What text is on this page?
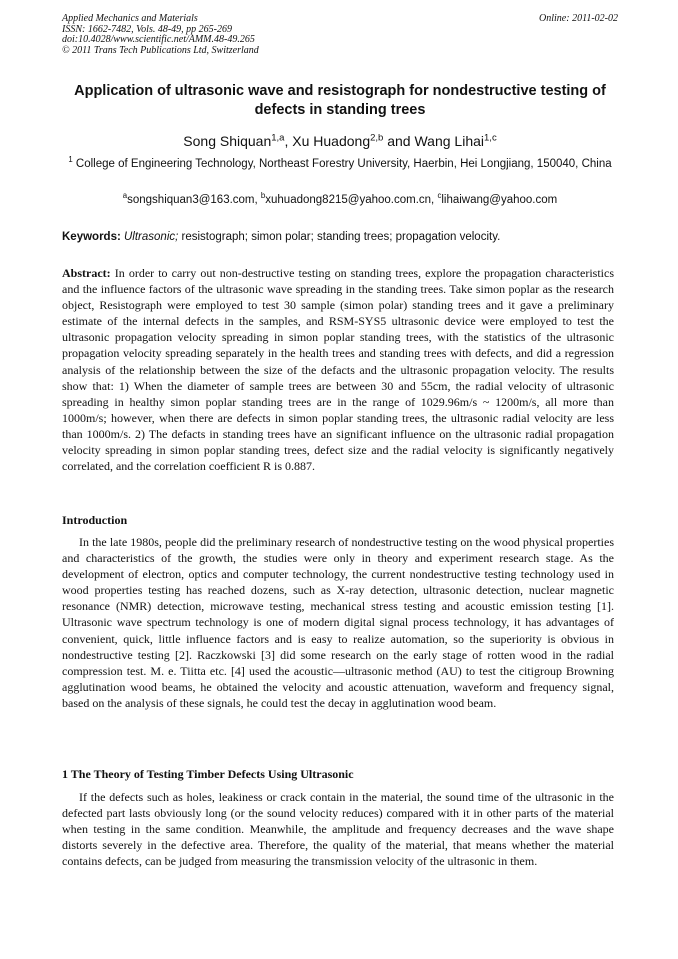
Applied Mechanics and Materials
ISSN: 1662-7482, Vols. 48-49, pp 265-269
doi:10.4028/www.scientific.net/AMM.48-49.265
© 2011 Trans Tech Publications Ltd, Switzerland
Online: 2011-02-02
Application of ultrasonic wave and resistograph for nondestructive testing of defects in standing trees
Song Shiquan$^{1,a}$, Xu Huadong$^{2,b}$ and Wang Lihai$^{1,c}$
$^1$ College of Engineering Technology, Northeast Forestry University, Haerbin, Hei Longjiang, 150040, China
$^a$songshiquan3@163.com, $^b$xuhuadong8215@yahoo.com.cn, $^c$lihaiwang@yahoo.com
Keywords: Ultrasonic; resistograph; simon polar; standing trees; propagation velocity.
Abstract: In order to carry out non-destructive testing on standing trees, explore the propagation characteristics and the influence factors of the ultrasonic wave spreading in the standing trees. Take simon poplar as the research object, Resistograph were employed to test 30 sample (simon polar) standing trees and it gave a preliminary estimate of the internal defects in the samples, and RSM-SYS5 ultrasonic device were employed to test the ultrasonic propagation velocity spreading in simon poplar standing trees, with the statistics of the ultrasonic propagation velocity spreading separately in the health trees and standing trees with defects, and did a regression analysis of the relationship between the size of the defacts and the ultrasonic propagation velocity. The results show that: 1) When the diameter of sample trees are between 30 and 55cm, the radial velocity of ultrasonic spreading in healthy simon poplar standing trees are in the range of 1029.96m/s ~ 1200m/s, all more than 1000m/s; however, when there are defects in simon poplar standing trees, the ultrasonic radial velocity are less than 1000m/s. 2) The defacts in standing trees have an significant influence on the ultrasonic radial propagation velocity spreading in simon poplar standing trees, defect size and the radial velocity is significantly negatively correlated, and the correlation coefficient R is 0.887.
Introduction
In the late 1980s, people did the preliminary research of nondestructive testing on the wood physical properties and characteristics of the growth, the studies were only in theory and experiment research stage. As the development of electron, optics and computer technology, the current nondestructive testing technology used in wood properties testing has reached dozens, such as X-ray detection, ultrasonic detection, nuclear magnetic resonance (NMR) detection, microwave testing, mechanical stress testing and acoustic emission testing [1]. Ultrasonic wave spectrum technology is one of modern digital signal process technology, it has advantages of convenient, quick, little influence factors and is easy to realize automation, so the superiority is obvious in nondestructive testing [2]. Raczkowski [3] did some research on the early stage of rotten wood in the radial compression test. M. e. Tiitta etc. [4] used the acoustic—ultrasonic method (AU) to test the citigroup Browning agglutination wood beams, he obtained the velocity and acoustic attenuation, waveform and frequency signal, based on the analysis of these signals, he could test the decay in agglutination wood beam.
1 The Theory of Testing Timber Defects Using Ultrasonic
If the defects such as holes, leakiness or crack contain in the material, the sound time of the ultrasonic in the defected part lasts obviously long (or the sound velocity reduces) compared with it in other parts of the material when testing in the same condition. Meanwhile, the amplitude and frequency decreases and the wave shape distorts severely in the defective area. Therefore, the quality of the material, that means whether the material contains defects, can be judged from measuring the transmission velocity of the ultrasonic in them.
